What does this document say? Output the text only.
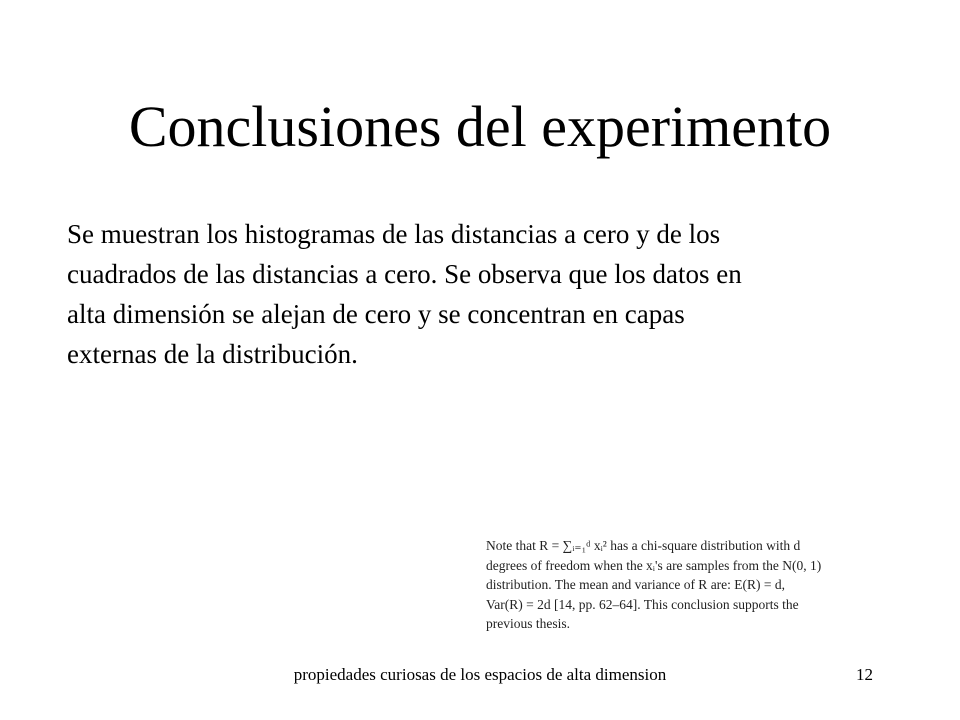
Conclusiones del experimento
Se muestran los histogramas de las distancias a cero y de los
cuadrados de las distancias a cero. Se observa que los datos en
alta dimensión se alejan de cero y se concentran en capas
externas de la distribución.
Note that R = ∑ᵢ₌₁ᵈ xᵢ² has a chi-square distribution with d
degrees of freedom when the xᵢ's are samples from the N(0, 1)
distribution. The mean and variance of R are: E(R) = d,
Var(R) = 2d [14, pp. 62–64]. This conclusion supports the
previous thesis.
propiedades curiosas de los espacios de alta dimension	12
